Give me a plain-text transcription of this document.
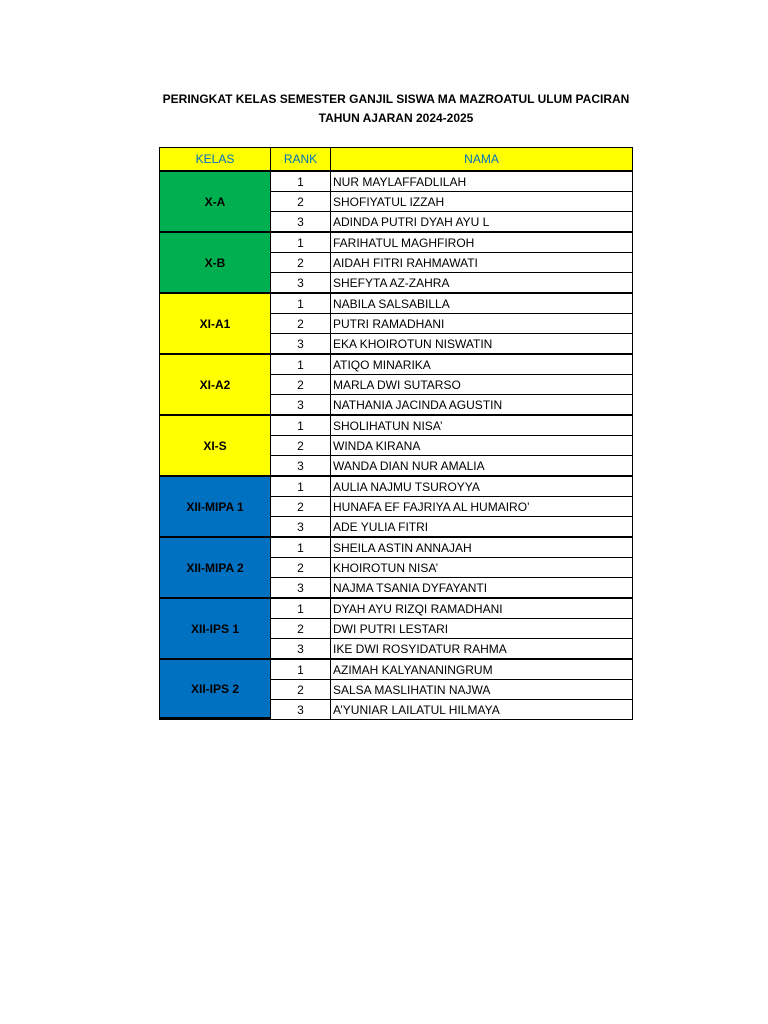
PERINGKAT KELAS SEMESTER GANJIL SISWA MA MAZROATUL ULUM PACIRAN
TAHUN AJARAN 2024-2025
KELAS	RANK	NAMA
X-A	1	NUR MAYLAFFADLILAH
	2	SHOFIYATUL IZZAH
	3	ADINDA PUTRI DYAH AYU L
X-B	1	FARIHATUL MAGHFIROH
	2	AIDAH FITRI RAHMAWATI
	3	SHEFYTA AZ-ZAHRA
XI-A1	1	NABILA SALSABILLA
	2	PUTRI RAMADHANI
	3	EKA KHOIROTUN NISWATIN
XI-A2	1	ATIQO MINARIKA
	2	MARLA DWI SUTARSO
	3	NATHANIA JACINDA AGUSTIN
XI-S	1	SHOLIHATUN NISA’
	2	WINDA KIRANA
	3	WANDA DIAN NUR AMALIA
XII-MIPA 1	1	AULIA NAJMU TSUROYYA
	2	HUNAFA EF FAJRIYA AL HUMAIRO’
	3	ADE YULIA FITRI
XII-MIPA 2	1	SHEILA ASTIN ANNAJAH
	2	KHOIROTUN NISA’
	3	NAJMA TSANIA DYFAYANTI
XII-IPS 1	1	DYAH AYU RIZQI RAMADHANI
	2	DWI PUTRI LESTARI
	3	IKE DWI ROSYIDATUR RAHMA
XII-IPS 2	1	AZIMAH KALYANANINGRUM
	2	SALSA MASLIHATIN NAJWA
	3	A’YUNIAR LAILATUL HILMAYA
